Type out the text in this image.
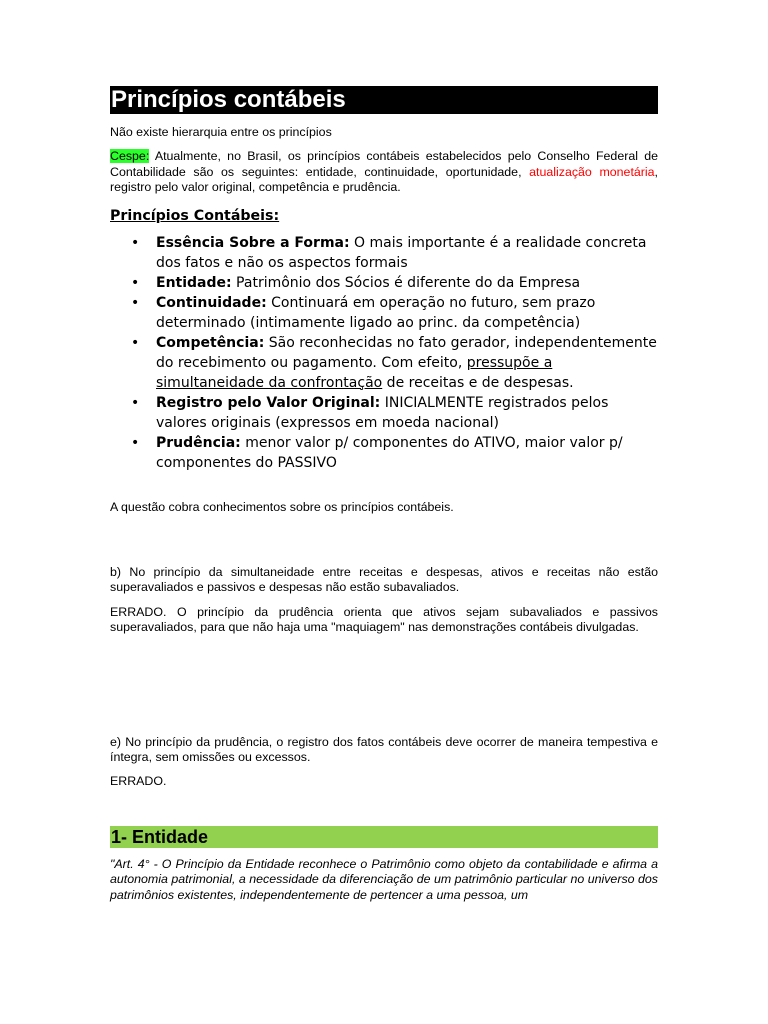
Princípios contábeis

Não existe hierarquia entre os princípios

Cespe: Atualmente, no Brasil, os princípios contábeis estabelecidos pelo Conselho Federal de Contabilidade são os seguintes: entidade, continuidade, oportunidade, atualização monetária, registro pelo valor original, competência e prudência.

Princípios Contábeis:

• Essência Sobre a Forma: O mais importante é a realidade concreta dos fatos e não os aspectos formais
• Entidade: Patrimônio dos Sócios é diferente do da Empresa
• Continuidade: Continuará em operação no futuro, sem prazo determinado (intimamente ligado ao princ. da competência)
• Competência: São reconhecidas no fato gerador, independentemente do recebimento ou pagamento. Com efeito, pressupõe a simultaneidade da confrontação de receitas e de despesas.
• Registro pelo Valor Original: INICIALMENTE registrados pelos valores originais (expressos em moeda nacional)
• Prudência: menor valor p/ componentes do ATIVO, maior valor p/ componentes do PASSIVO

A questão cobra conhecimentos sobre os princípios contábeis.

b) No princípio da simultaneidade entre receitas e despesas, ativos e receitas não estão superavaliados e passivos e despesas não estão subavaliados.

ERRADO. O princípio da prudência orienta que ativos sejam subavaliados e passivos superavaliados, para que não haja uma "maquiagem" nas demonstrações contábeis divulgadas.

e) No princípio da prudência, o registro dos fatos contábeis deve ocorrer de maneira tempestiva e íntegra, sem omissões ou excessos.

ERRADO.

1- Entidade

"Art. 4° - O Princípio da Entidade reconhece o Patrimônio como objeto da contabilidade e afirma a autonomia patrimonial, a necessidade da diferenciação de um patrimônio particular no universo dos patrimônios existentes, independentemente de pertencer a uma pessoa, um
